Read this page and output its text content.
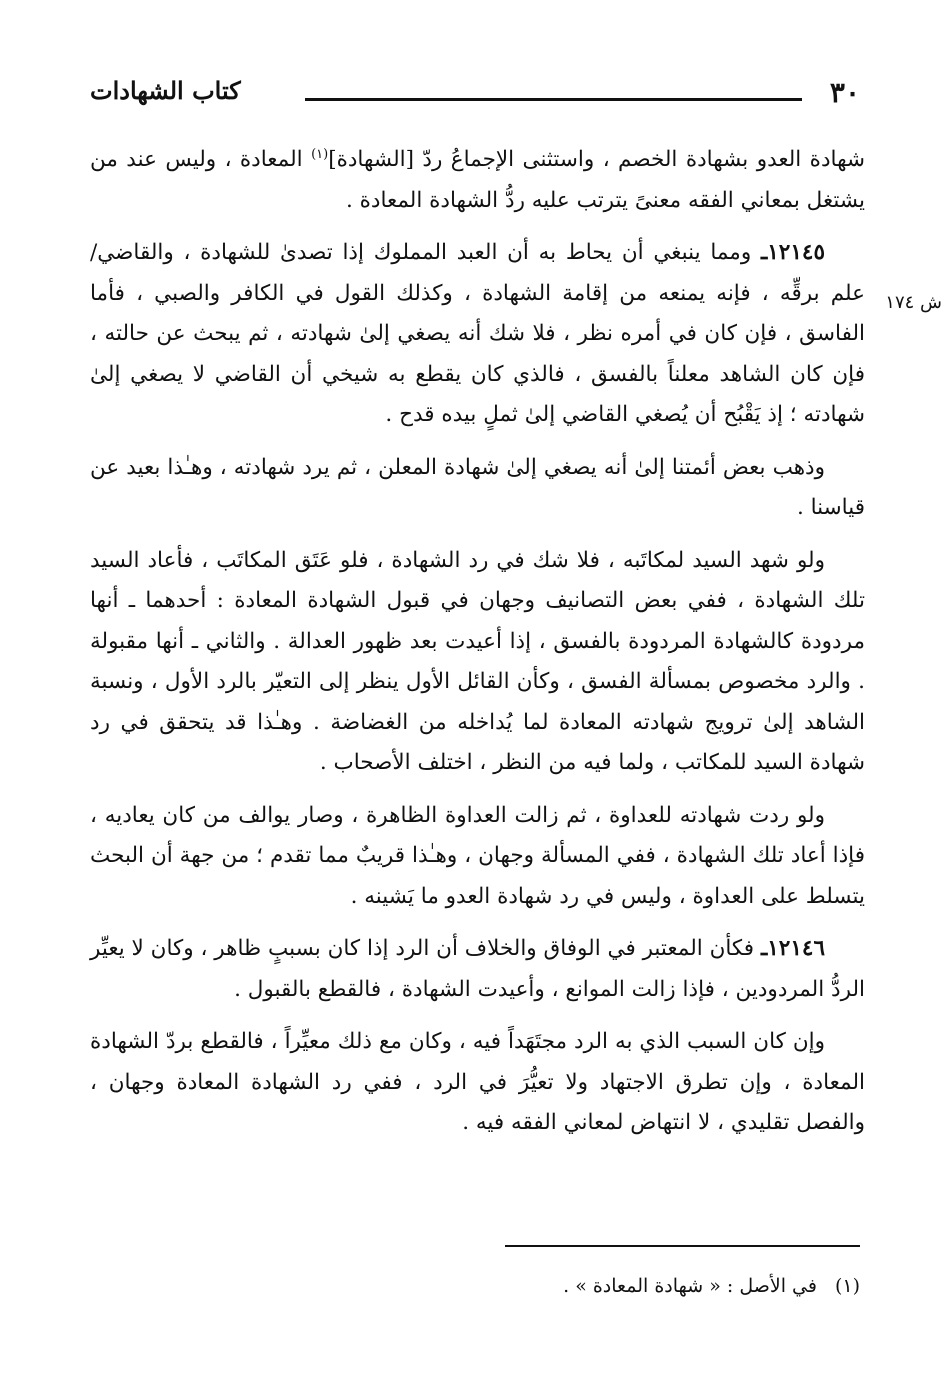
٣٠
كتاب الشهادات
ش ١٧٤

شهادة العدو بشهادة الخصم ، واستثنى الإجماعُ ردّ [الشهادة]$^{(١)}$ المعادة ، وليس عند من يشتغل بمعاني الفقه معنىً يترتب عليه ردُّ الشهادة المعادة .

١٢١٤٥ـ ومما ينبغي أن يحاط به أن العبد المملوك إذا تصدىٰ للشهادة ، والقاضي/ علم برقِّه ، فإنه يمنعه من إقامة الشهادة ، وكذلك القول في الكافر والصبي ، فأما الفاسق ، فإن كان في أمره نظر ، فلا شك أنه يصغي إلىٰ شهادته ، ثم يبحث عن حالته ، فإن كان الشاهد معلناً بالفسق ، فالذي كان يقطع به شيخي أن القاضي لا يصغي إلىٰ شهادته ؛ إذ يَقْبُح أن يُصغي القاضي إلىٰ ثملٍ بيده قدح .

وذهب بعض أئمتنا إلىٰ أنه يصغي إلىٰ شهادة المعلن ، ثم يرد شهادته ، وهـٰذا بعيد عن قياسنا .

ولو شهد السيد لمكاتَبه ، فلا شك في رد الشهادة ، فلو عَتَق المكاتَب ، فأعاد السيد تلك الشهادة ، ففي بعض التصانيف وجهان في قبول الشهادة المعادة : أحدهما ـ أنها مردودة كالشهادة المردودة بالفسق ، إذا أعيدت بعد ظهور العدالة . والثاني ـ أنها مقبولة . والرد مخصوص بمسألة الفسق ، وكأن القائل الأول ينظر إلى التعيّر بالرد الأول ، ونسبة الشاهد إلىٰ ترويج شهادته المعادة لما يُداخله من الغضاضة . وهـٰذا قد يتحقق في رد شهادة السيد للمكاتب ، ولما فيه من النظر ، اختلف الأصحاب .

ولو ردت شهادته للعداوة ، ثم زالت العداوة الظاهرة ، وصار يوالف من كان يعاديه ، فإذا أعاد تلك الشهادة ، ففي المسألة وجهان ، وهـٰذا قريبٌ مما تقدم ؛ من جهة أن البحث يتسلط على العداوة ، وليس في رد شهادة العدو ما يَشينه .

١٢١٤٦ـ فكأن المعتبر في الوفاق والخلاف أن الرد إذا كان بسببٍ ظاهر ، وكان لا يعيِّر الردُّ المردودين ، فإذا زالت الموانع ، وأعيدت الشهادة ، فالقطع بالقبول .

وإن كان السبب الذي به الرد مجتَهَداً فيه ، وكان مع ذلك معيِّراً ، فالقطع بردّ الشهادة المعادة ، وإن تطرق الاجتهاد ولا تعيُّرَ في الرد ، ففي رد الشهادة المعادة وجهان ، والفصل تقليدي ، لا انتهاض لمعاني الفقه فيه .

(١)في الأصل : « شهادة المعادة » .
